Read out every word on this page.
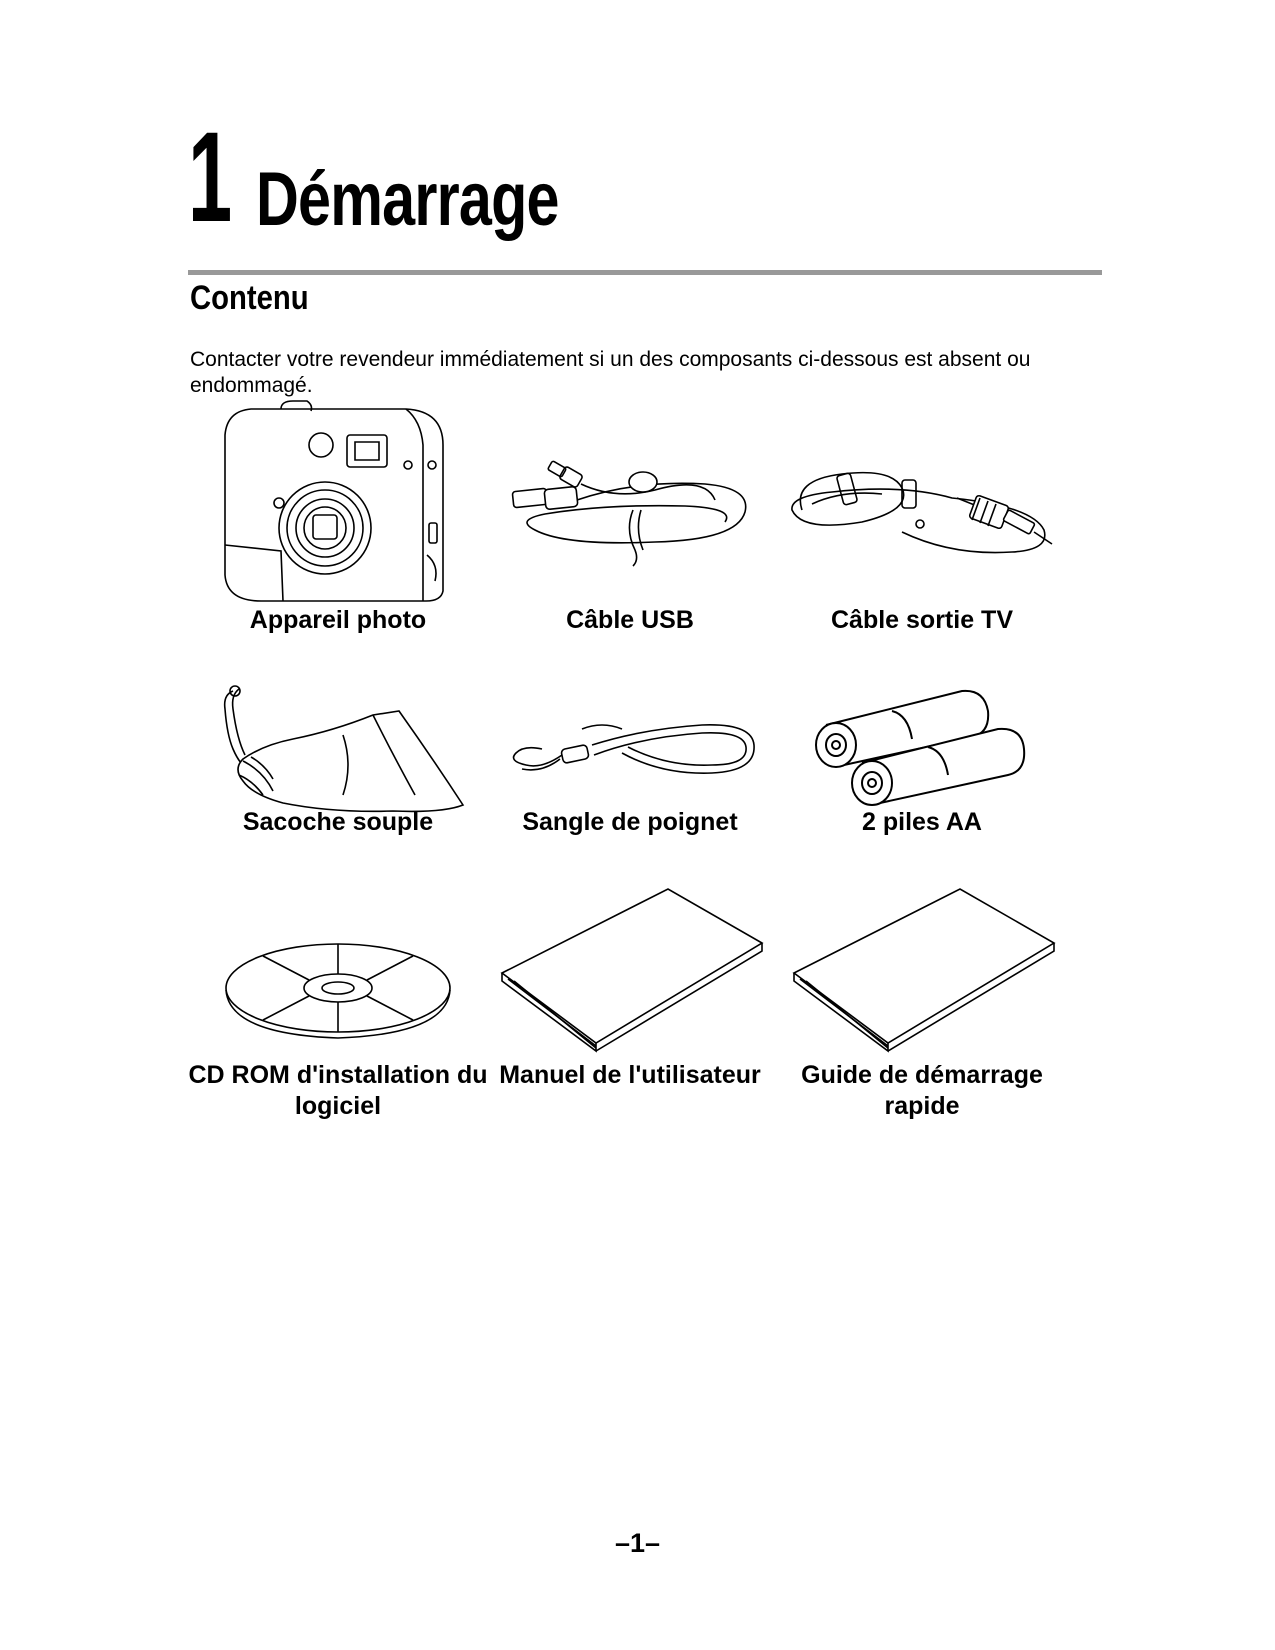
1 Démarrage
Contenu
Contacter votre revendeur immédiatement si un des composants ci-dessous est absent ou endommagé.
Appareil photo	Câble USB	Câble sortie TV
Sacoche souple	Sangle de poignet	2 piles AA
CD ROM d'installation du logiciel
Manuel de l'utilisateur	Guide de démarrage rapide
–1–
